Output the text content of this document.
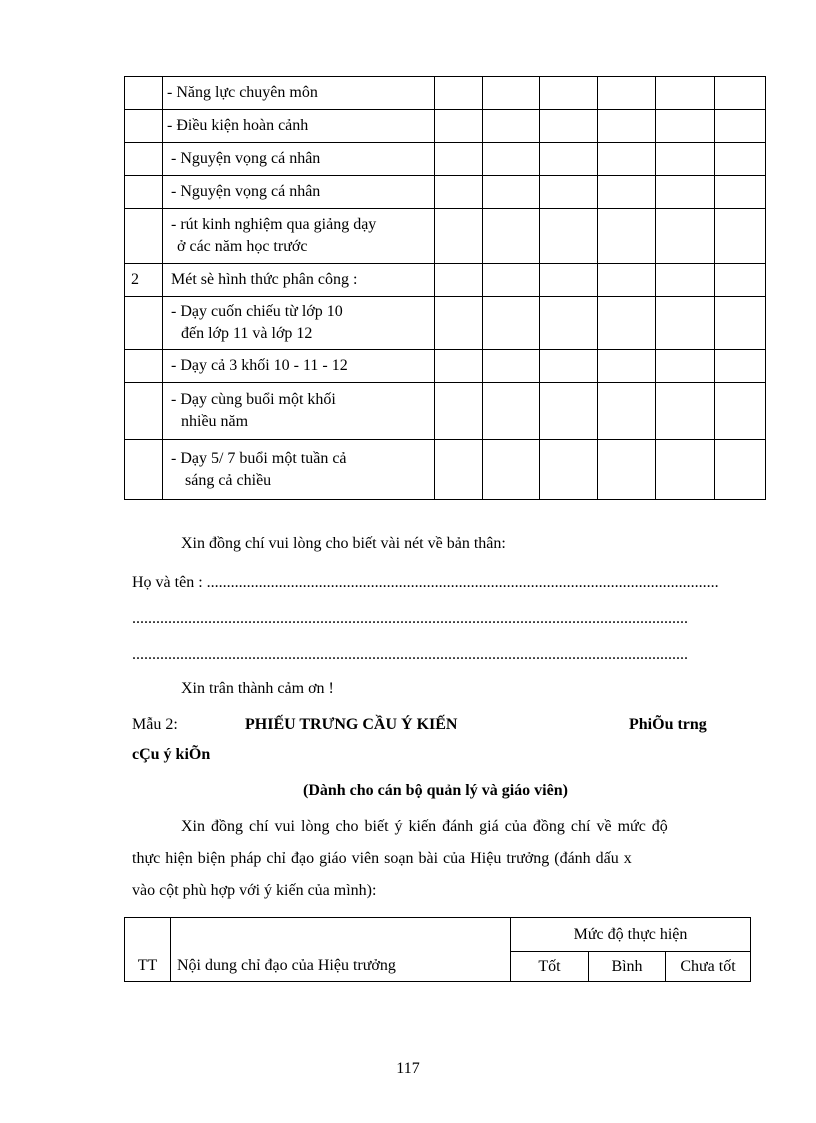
	- Năng lực chuyên môn						

	- Điều kiện hoàn cảnh						

	- Nguyện vọng cá nhân						

	- Nguyện vọng cá nhân						

	- rút kinh nghiệm qua giảng dạy
ở các năm học trước						

2	Mét sè hình thức phân công :						

	- Dạy cuốn chiếu từ lớp 10
đến lớp 11 và lớp 12						

	- Dạy cả 3 khối 10 - 11 - 12						

	- Dạy cùng buổi một khối
nhiều năm						

	- Dạy 5/ 7 buổi một tuần cả
sáng cả chiều						

Xin đồng chí vui lòng cho biết vài nét về bản thân:
Họ và tên : ................................................................................................................................
...........................................................................................................................................
...........................................................................................................................................
Xin trân thành cảm ơn !
Mẫu 2:	PHIẾU TRƯNG CẦU Ý KIẾN	PhiÕu trng
cÇu ý kiÕn
(Dành cho cán bộ quản lý và giáo viên)
Xin đồng chí vui lòng cho biết ý kiến đánh giá của đồng chí về mức độ
thực hiện biện pháp chỉ đạo giáo viên soạn bài của Hiệu trưởng (đánh dấu x
vào cột phù hợp với ý kiến của mình):
TT	Nội dung chỉ đạo của Hiệu trưởng	Mức độ thực hiện		
		Tốt	Bình	Chưa tốt
117
